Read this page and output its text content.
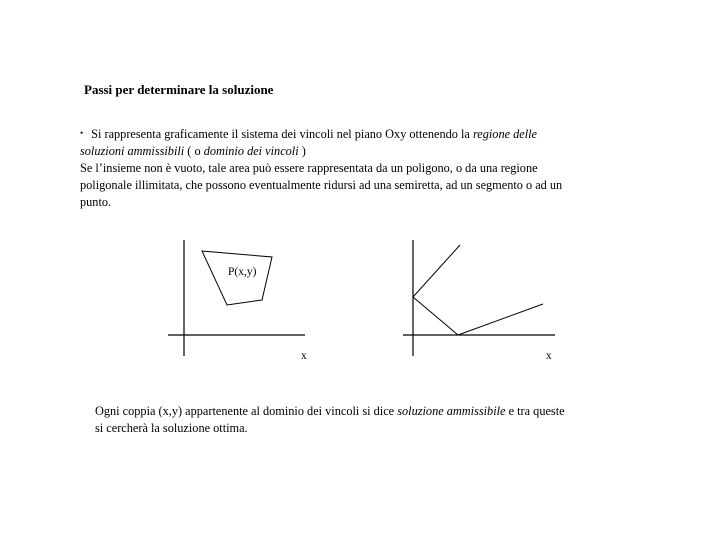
Passi per determinare la soluzione
• Si rappresenta graficamente il sistema dei vincoli nel piano Oxy ottenendo la regione delle
soluzioni ammissibili ( o dominio dei vincoli )
Se l’insieme non è vuoto, tale area può essere rappresentata da un poligono, o da una regione
poligonale illimitata, che possono eventualmente ridursi ad una semiretta, ad un segmento o ad un
punto.
P(x,y)
x	x
Ogni coppia (x,y) appartenente al dominio dei vincoli si dice soluzione ammissibile e tra queste
si cercherà la soluzione ottima.
